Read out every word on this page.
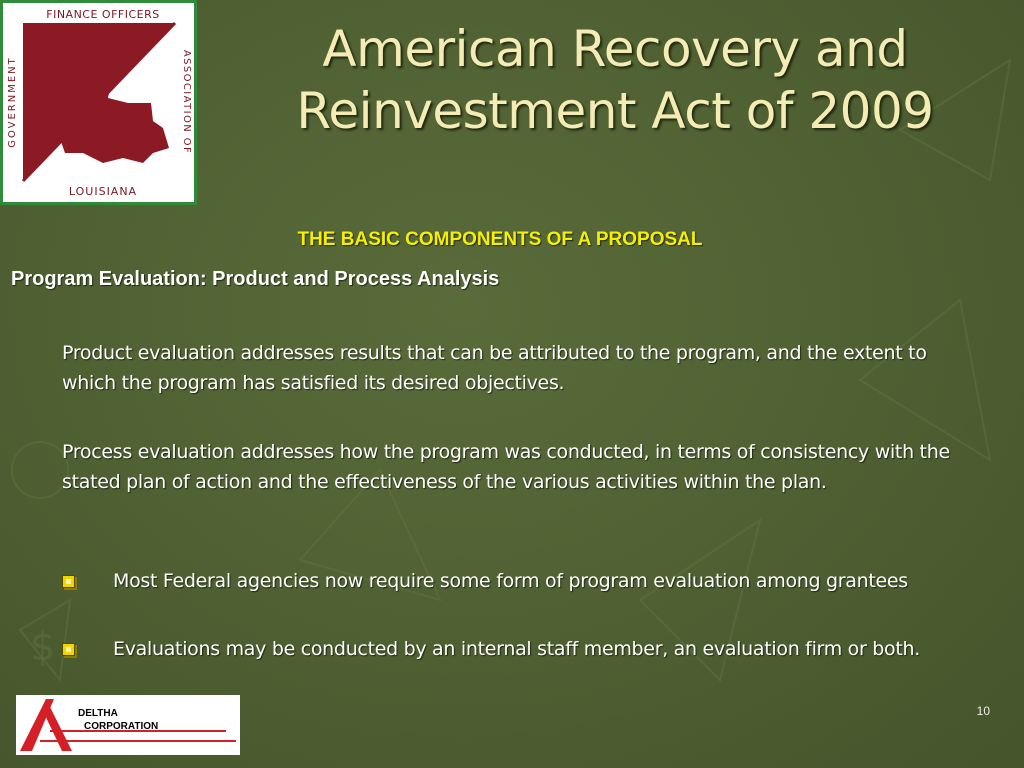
$
FINANCE OFFICERS
LOUISIANA
GOVERNMENT	ASSOCIATION OF
American Recovery and
Reinvestment Act of 2009
THE BASIC COMPONENTS OF A PROPOSAL
Program Evaluation: Product and Process Analysis
Product evaluation addresses results that can be attributed to the program, and the extent to which the program has satisfied its desired objectives.
Process evaluation addresses how the program was conducted, in terms of consistency with the stated plan of action and the effectiveness of the various activities within the plan.
Most Federal agencies now require some form of program evaluation among grantees
Evaluations may be conducted by an internal staff member, an evaluation firm or both.
DELTHA
CORPORATION
10
